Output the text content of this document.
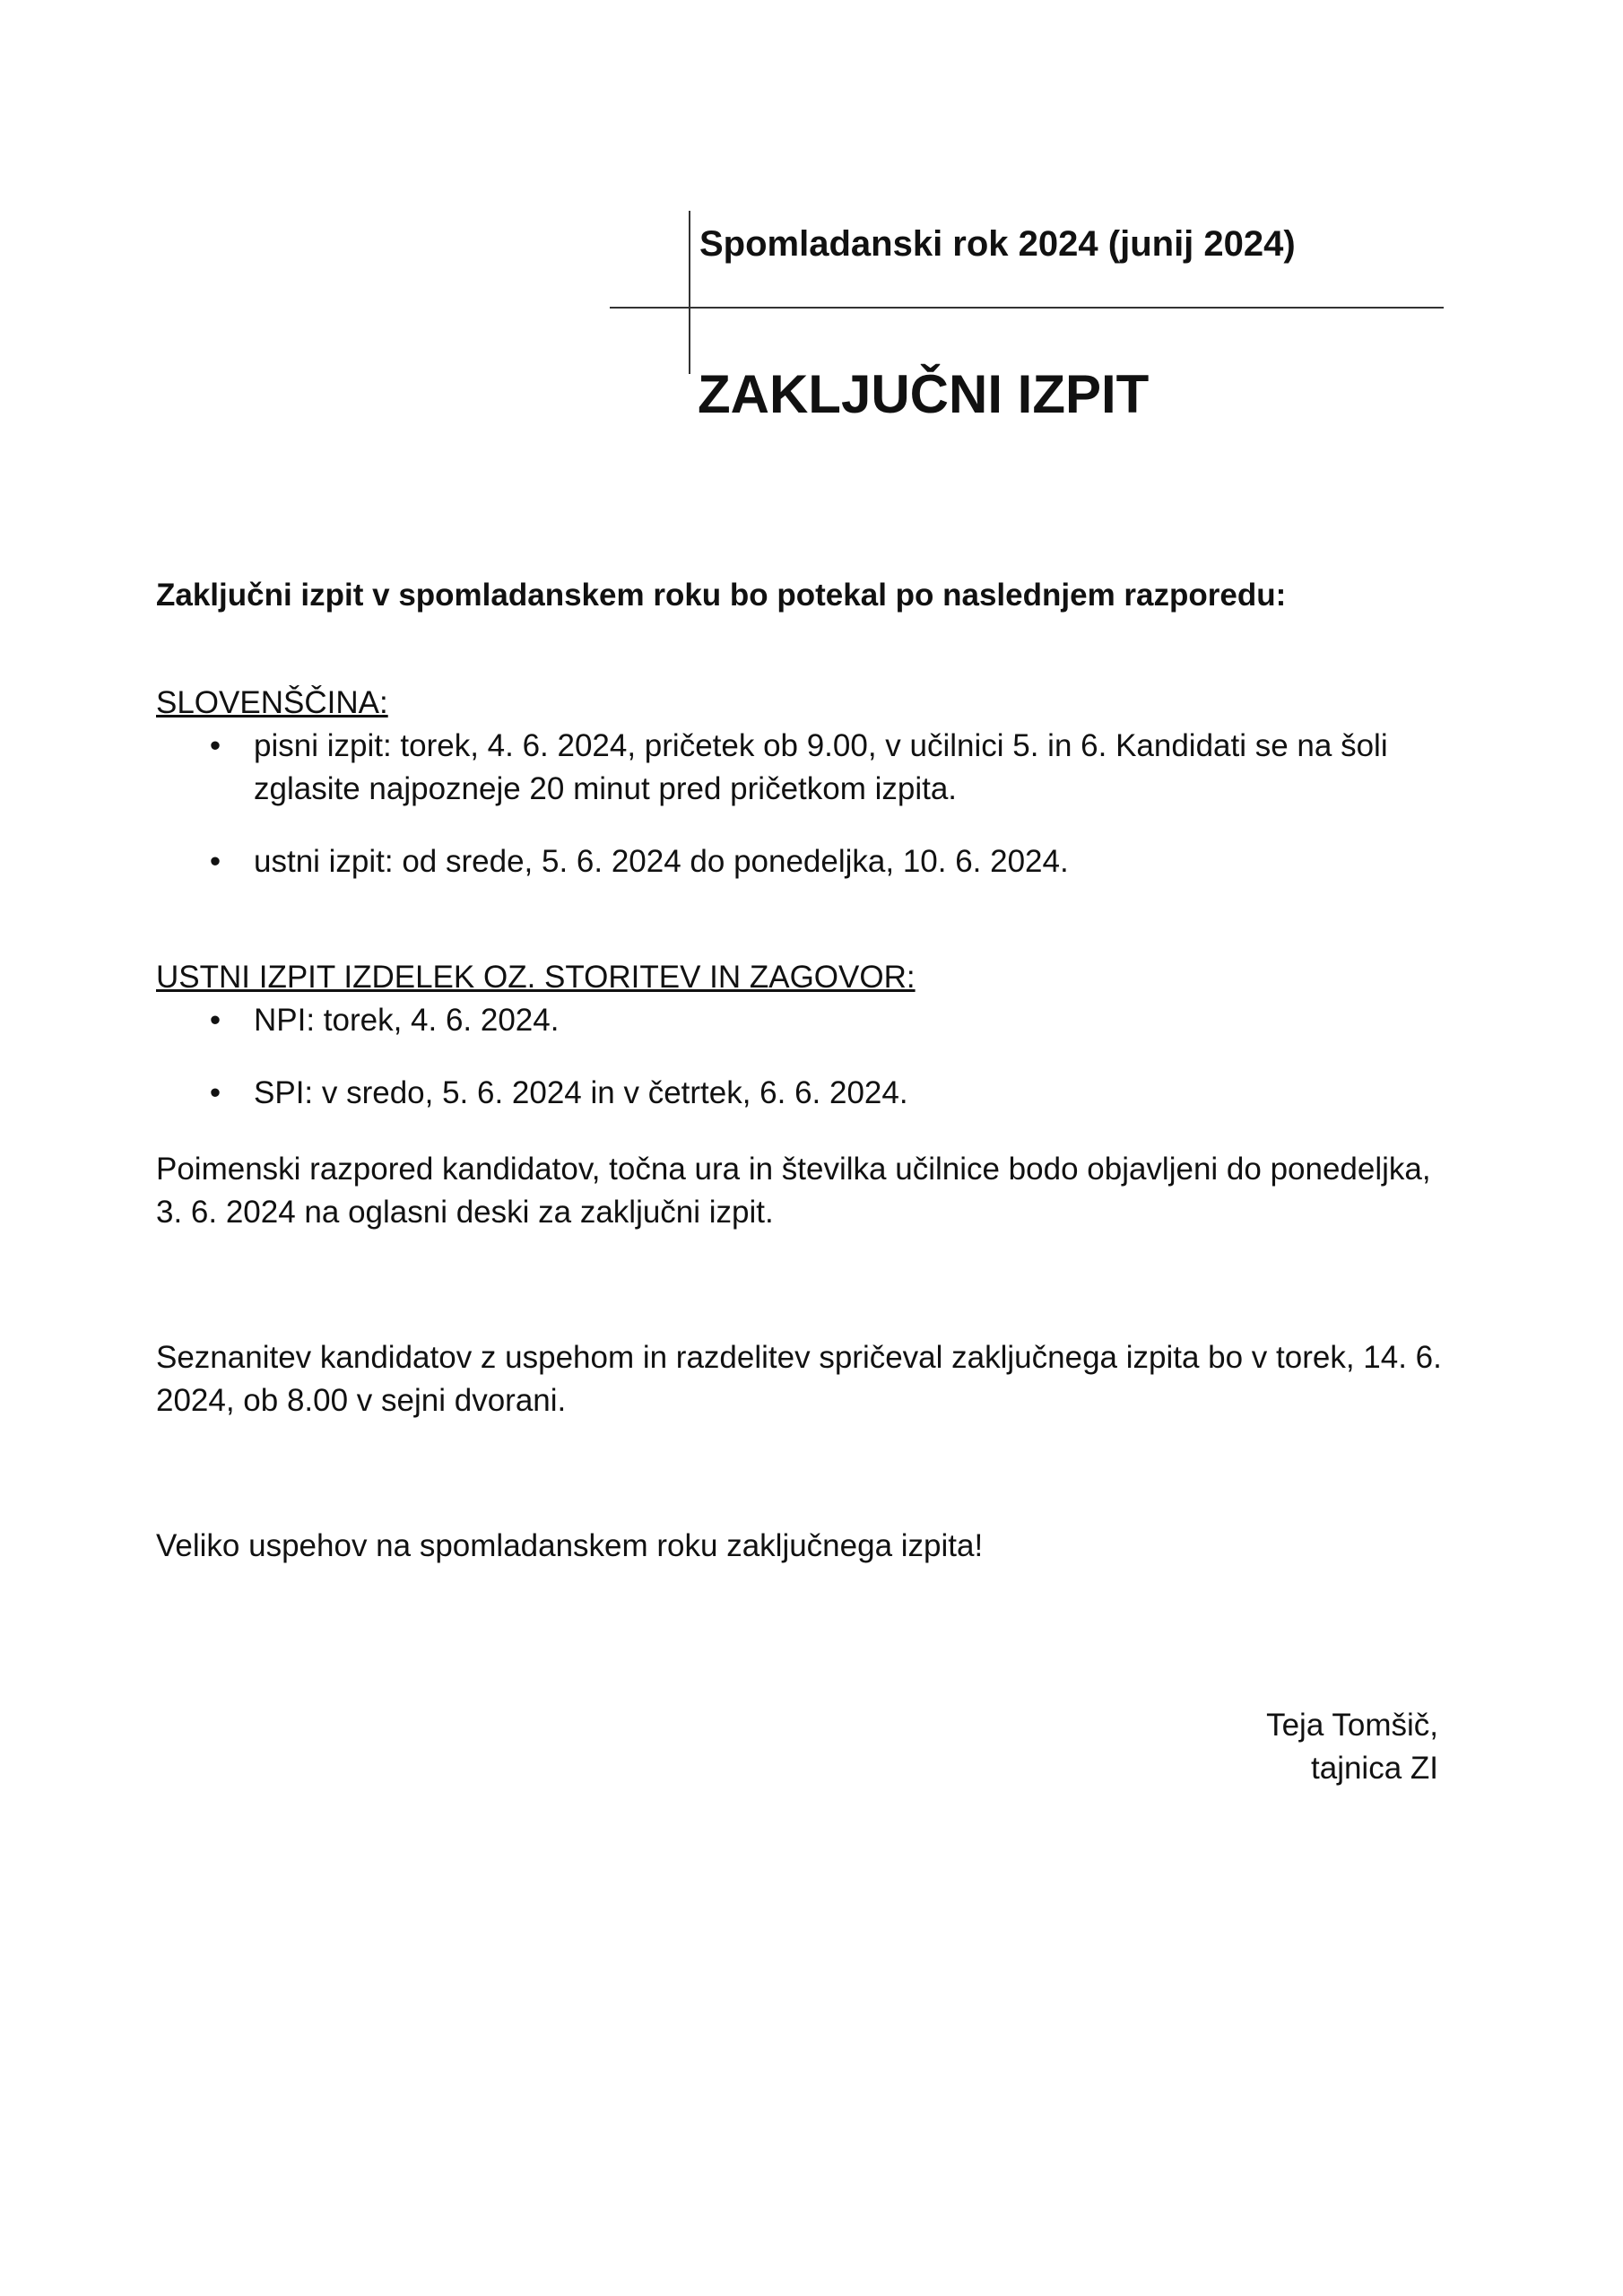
Spomladanski rok 2024 (junij 2024)
ZAKLJUČNI IZPIT
Zaključni izpit v spomladanskem roku bo potekal po naslednjem razporedu:
SLOVENŠČINA:
• pisni izpit: torek, 4. 6. 2024, pričetek ob 9.00, v učilnici 5. in 6. Kandidati se na šoli zglasite najpozneje 20 minut pred pričetkom izpita.
• ustni izpit: od srede, 5. 6. 2024 do ponedeljka, 10. 6. 2024.
USTNI IZPIT IZDELEK OZ. STORITEV IN ZAGOVOR:
• NPI: torek, 4. 6. 2024.
• SPI: v sredo, 5. 6. 2024 in v četrtek, 6. 6. 2024.
Poimenski razpored kandidatov, točna ura in številka učilnice bodo objavljeni do ponedeljka, 3. 6. 2024 na oglasni deski za zaključni izpit.
Seznanitev kandidatov z uspehom in razdelitev spričeval zaključnega izpita bo v torek, 14. 6. 2024, ob 8.00 v sejni dvorani.
Veliko uspehov na spomladanskem roku zaključnega izpita!
Teja Tomšič,
tajnica ZI
